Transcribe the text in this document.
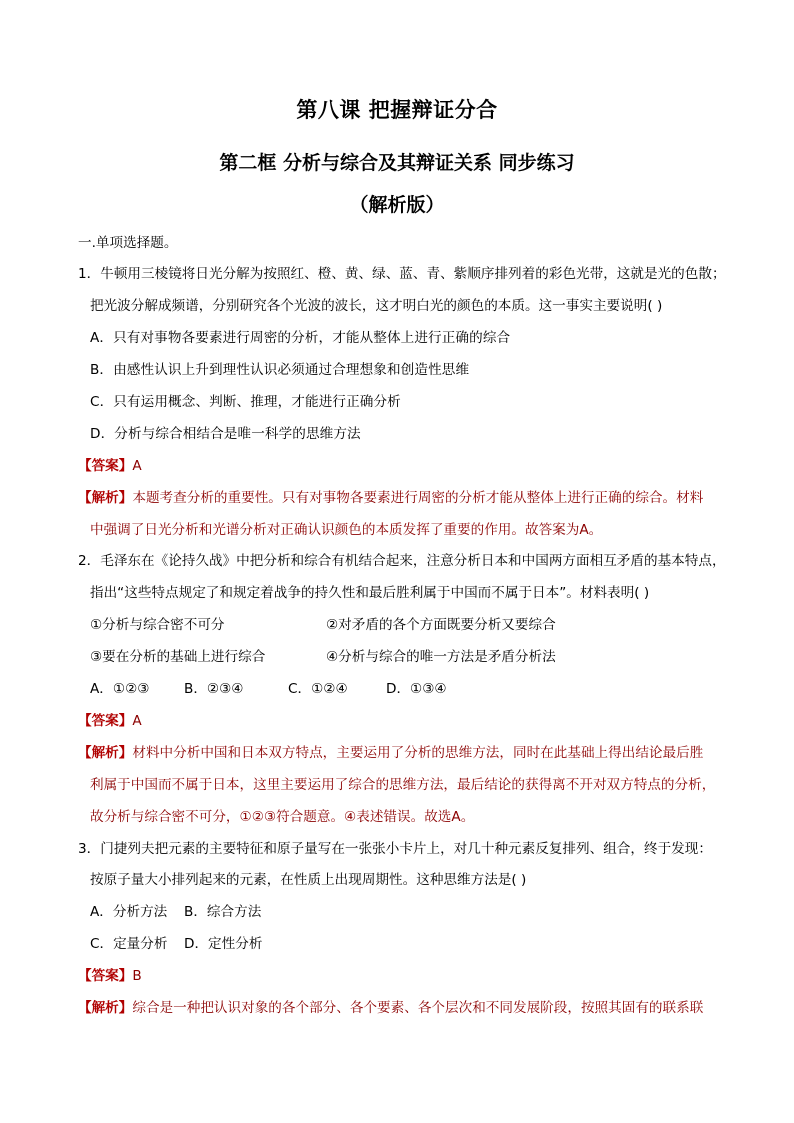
第八课 把握辩证分合
第二框 分析与综合及其辩证关系 同步练习
（解析版）
一.单项选择题。
1．牛顿用三棱镜将日光分解为按照红、橙、黄、绿、蓝、青、紫顺序排列着的彩色光带，这就是光的色散；
把光波分解成频谱，分别研究各个光波的波长，这才明白光的颜色的本质。这一事实主要说明( )
A．只有对事物各要素进行周密的分析，才能从整体上进行正确的综合
B．由感性认识上升到理性认识必须通过合理想象和创造性思维
C．只有运用概念、判断、推理，才能进行正确分析
D．分析与综合相结合是唯一科学的思维方法
【答案】A
【解析】本题考查分析的重要性。只有对事物各要素进行周密的分析才能从整体上进行正确的综合。材料
中强调了日光分析和光谱分析对正确认识颜色的本质发挥了重要的作用。故答案为A。
2．毛泽东在《论持久战》中把分析和综合有机结合起来，注意分析日本和中国两方面相互矛盾的基本特点，
指出“这些特点规定了和规定着战争的持久性和最后胜利属于中国而不属于日本”。材料表明( )
①分析与综合密不可分	②对矛盾的各个方面既要分析又要综合
③要在分析的基础上进行综合	④分析与综合的唯一方法是矛盾分析法
A．①②③	B．②③④	C．①②④	D．①③④
【答案】A
【解析】材料中分析中国和日本双方特点，主要运用了分析的思维方法，同时在此基础上得出结论最后胜
利属于中国而不属于日本，这里主要运用了综合的思维方法，最后结论的获得离不开对双方特点的分析，
故分析与综合密不可分，①②③符合题意。④表述错误。故选A。
3．门捷列夫把元素的主要特征和原子量写在一张张小卡片上，对几十种元素反复排列、组合，终于发现：
按原子量大小排列起来的元素，在性质上出现周期性。这种思维方法是( )
A．分析方法 B．综合方法
C．定量分析 D．定性分析
【答案】B
【解析】综合是一种把认识对象的各个部分、各个要素、各个层次和不同发展阶段，按照其固有的联系联
